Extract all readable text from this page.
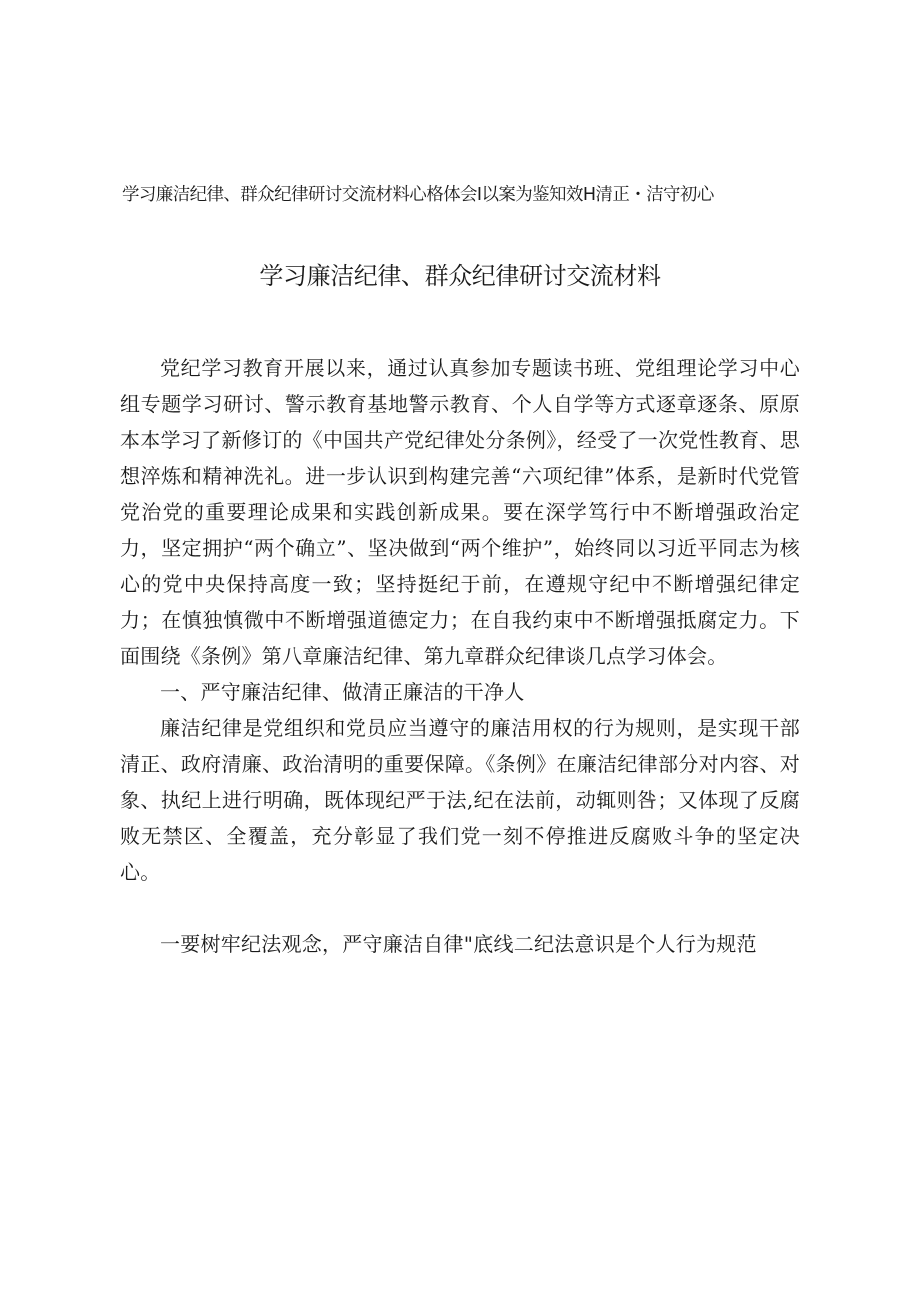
学习廉洁纪律、群众纪律研讨交流材料心格体会I以案为鉴知效H清正・洁守初心
学习廉洁纪律、群众纪律研讨交流材料

党纪学习教育开展以来，通过认真参加专题读书班、党组理论学习中心组专题学习研讨、警示教育基地警示教育、个人自学等方式逐章逐条、原原本本学习了新修订的《中国共产党纪律处分条例》，经受了一次党性教育、思想淬炼和精神洗礼。进一步认识到构建完善“六项纪律”体系，是新时代党管党治党的重要理论成果和实践创新成果。要在深学笃行中不断增强政治定力，坚定拥护“两个确立”、坚决做到“两个维护”，始终同以习近平同志为核心的党中央保持高度一致；坚持挺纪于前，在遵规守纪中不断增强纪律定力；在慎独慎微中不断增强道德定力；在自我约束中不断增强抵腐定力。下面围绕《条例》第八章廉洁纪律、第九章群众纪律谈几点学习体会。

一、严守廉洁纪律、做清正廉洁的干净人

廉洁纪律是党组织和党员应当遵守的廉洁用权的行为规则，是实现干部清正、政府清廉、政治清明的重要保障。《条例》在廉洁纪律部分对内容、对象、执纪上进行明确，既体现纪严于法,纪在法前，动辄则咎；又体现了反腐败无禁区、全覆盖，充分彰显了我们党一刻不停推进反腐败斗争的坚定决心。

一要树牢纪法观念，严守廉洁自律"底线二纪法意识是个人行为规范
